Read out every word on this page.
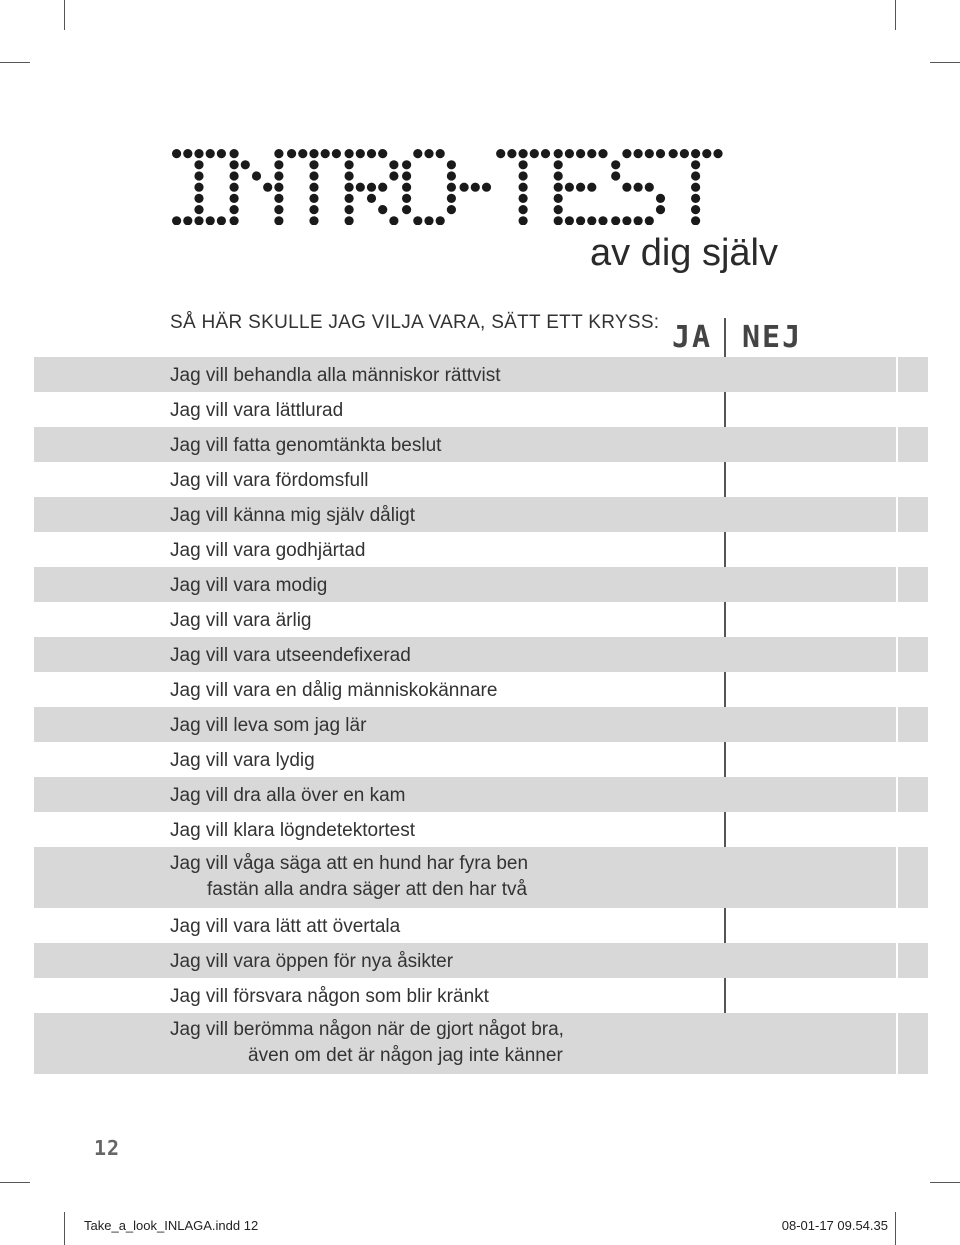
av dig själv
SÅ HÄR SKULLE JAG VILJA VARA, SÄTT ETT KRYSS: JA NEJ
Jag vill behandla alla människor rättvist
Jag vill vara lättlurad
Jag vill fatta genomtänkta beslut
Jag vill vara fördomsfull
Jag vill känna mig själv dåligt
Jag vill vara godhjärtad
Jag vill vara modig
Jag vill vara ärlig
Jag vill vara utseendefixerad
Jag vill vara en dålig människokännare
Jag vill leva som jag lär
Jag vill vara lydig
Jag vill dra alla över en kam
Jag vill klara lögndetektortest
Jag vill våga säga att en hund har fyra ben
fastän alla andra säger att den har två
Jag vill vara lätt att övertala
Jag vill vara öppen för nya åsikter
Jag vill försvara någon som blir kränkt
Jag vill berömma någon när de gjort något bra,
även om det är någon jag inte känner
12
Take_a_look_INLAGA.indd 12	08-01-17 09.54.35
